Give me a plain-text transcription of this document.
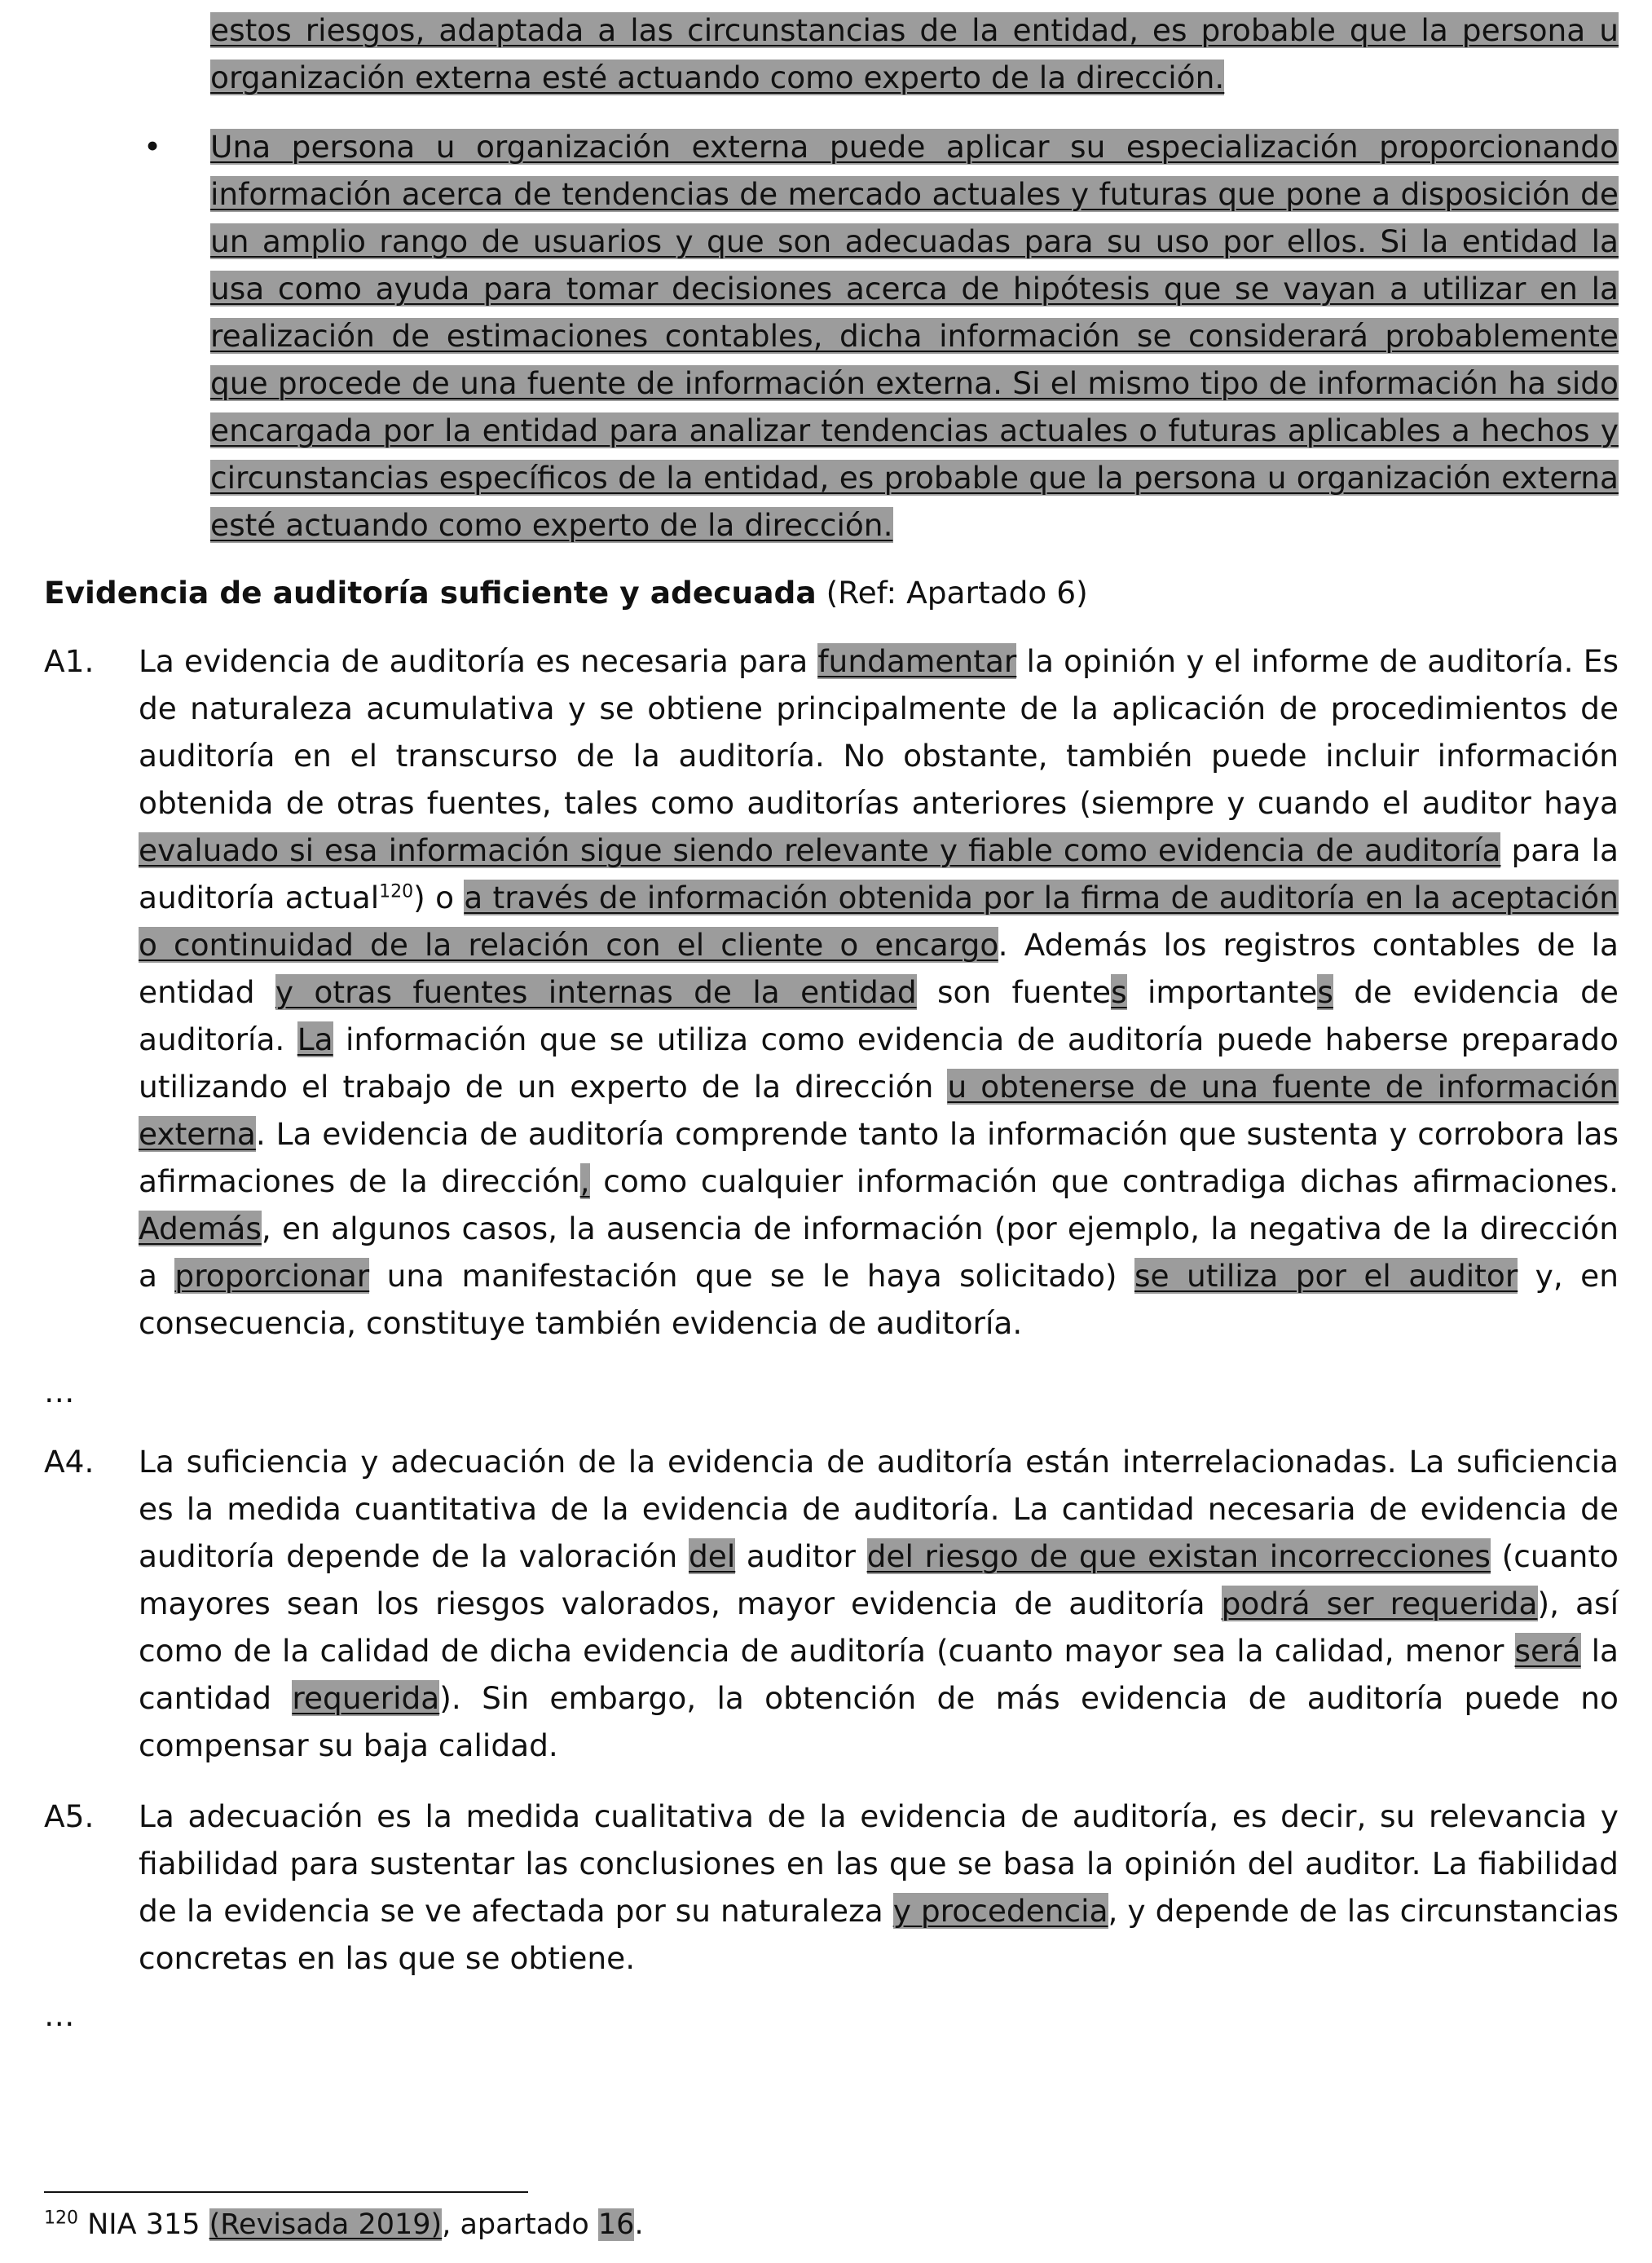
estos riesgos, adaptada a las circunstancias de la entidad, es probable que la persona u organización externa esté actuando como experto de la dirección.

• Una persona u organización externa puede aplicar su especialización proporcionando información acerca de tendencias de mercado actuales y futuras que pone a disposición de un amplio rango de usuarios y que son adecuadas para su uso por ellos. Si la entidad la usa como ayuda para tomar decisiones acerca de hipótesis que se vayan a utilizar en la realización de estimaciones contables, dicha información se considerará probablemente que procede de una fuente de información externa. Si el mismo tipo de información ha sido encargada por la entidad para analizar tendencias actuales o futuras aplicables a hechos y circunstancias específicos de la entidad, es probable que la persona u organización externa esté actuando como experto de la dirección.

Evidencia de auditoría suficiente y adecuada (Ref: Apartado 6)
A1. La evidencia de auditoría es necesaria para fundamentar la opinión y el informe de auditoría. Es de naturaleza acumulativa y se obtiene principalmente de la aplicación de procedimientos de auditoría en el transcurso de la auditoría. No obstante, también puede incluir información obtenida de otras fuentes, tales como auditorías anteriores (siempre y cuando el auditor haya evaluado si esa información sigue siendo relevante y fiable como evidencia de auditoría para la auditoría actual$^{120}$) o a través de información obtenida por la firma de auditoría en la aceptación o continuidad de la relación con el cliente o encargo. Además los registros contables de la entidad y otras fuentes internas de la entidad son fuentes importantes de evidencia de auditoría. La información que se utiliza como evidencia de auditoría puede haberse preparado utilizando el trabajo de un experto de la dirección u obtenerse de una fuente de información externa. La evidencia de auditoría comprende tanto la información que sustenta y corrobora las afirmaciones de la dirección, como cualquier información que contradiga dichas afirmaciones. Además, en algunos casos, la ausencia de información (por ejemplo, la negativa de la dirección a proporcionar una manifestación que se le haya solicitado) se utiliza por el auditor y, en consecuencia, constituye también evidencia de auditoría.

…
A4. La suficiencia y adecuación de la evidencia de auditoría están interrelacionadas. La suficiencia es la medida cuantitativa de la evidencia de auditoría. La cantidad necesaria de evidencia de auditoría depende de la valoración del auditor del riesgo de que existan incorrecciones (cuanto mayores sean los riesgos valorados, mayor evidencia de auditoría podrá ser requerida), así como de la calidad de dicha evidencia de auditoría (cuanto mayor sea la calidad, menor será la cantidad requerida). Sin embargo, la obtención de más evidencia de auditoría puede no compensar su baja calidad.

A5. La adecuación es la medida cualitativa de la evidencia de auditoría, es decir, su relevancia y fiabilidad para sustentar las conclusiones en las que se basa la opinión del auditor. La fiabilidad de la evidencia se ve afectada por su naturaleza y procedencia, y depende de las circunstancias concretas en las que se obtiene.

…
$^{120}$ NIA 315 (Revisada 2019), apartado 16.
